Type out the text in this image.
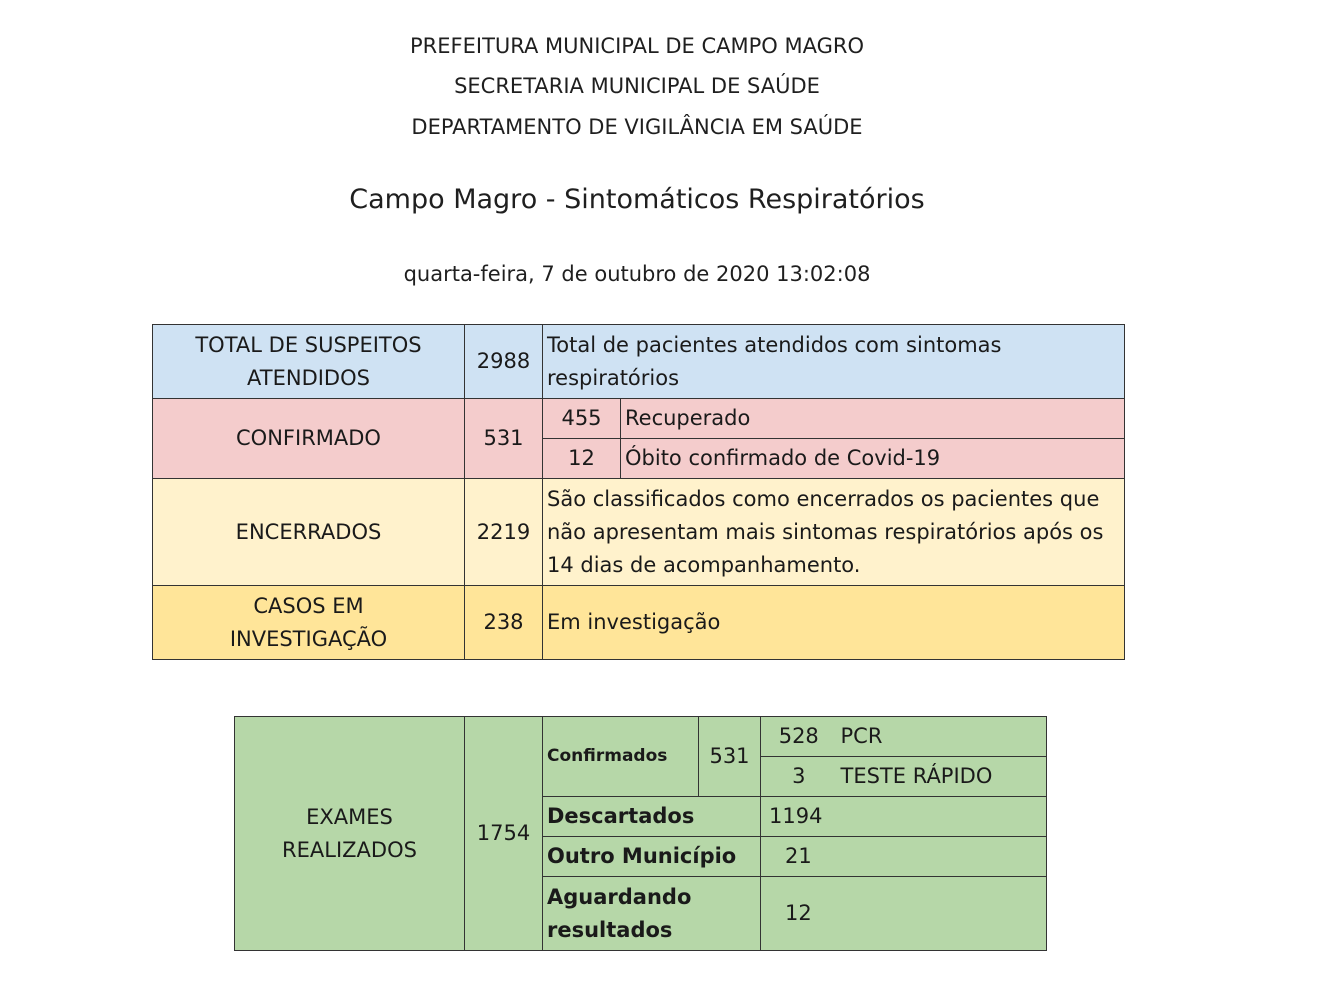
PREFEITURA MUNICIPAL DE CAMPO MAGRO
SECRETARIA MUNICIPAL DE SAÚDE
DEPARTAMENTO DE VIGILÂNCIA EM SAÚDE
Campo Magro - Sintomáticos Respiratórios
quarta-feira, 7 de outubro de 2020 13:02:08
TOTAL DE SUSPEITOS ATENDIDOS	2988	Total de pacientes atendidos com sintomas respiratórios	
CONFIRMADO	531	455	Recuperado
		12	Óbito confirmado de Covid-19
ENCERRADOS	2219	São classificados como encerrados os pacientes que não apresentam mais sintomas respiratórios após os 14 dias de acompanhamento.	
CASOS EM INVESTIGAÇÃO	238	Em investigação	
EXAMES REALIZADOS	1754	Confirmados	531	528	PCR
				3	TESTE RÁPIDO
		Descartados		1194	
		Outro Município		21	
		Aguardando resultados		12	
